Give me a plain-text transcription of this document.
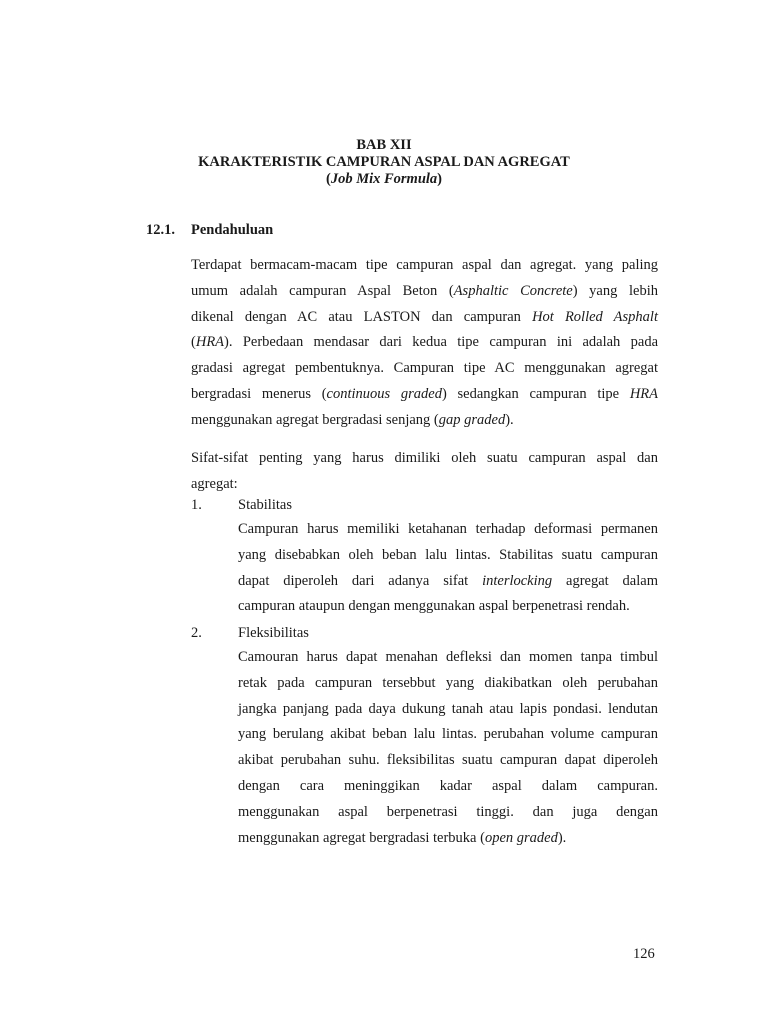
BAB XII
KARAKTERISTIK CAMPURAN ASPAL DAN AGREGAT
(Job Mix Formula)
12.1. Pendahuluan
Terdapat bermacam-macam tipe campuran aspal dan agregat. yang paling
umum adalah campuran Aspal Beton (Asphaltic Concrete) yang lebih
dikenal dengan AC atau LASTON dan campuran Hot Rolled Asphalt
(HRA). Perbedaan mendasar dari kedua tipe campuran ini adalah pada
gradasi agregat pembentuknya. Campuran tipe AC menggunakan agregat
bergradasi menerus (continuous graded) sedangkan campuran tipe HRA
menggunakan agregat bergradasi senjang (gap graded).
Sifat-sifat penting yang harus dimiliki oleh suatu campuran aspal dan
agregat:
1. Stabilitas
Campuran harus memiliki ketahanan terhadap deformasi permanen
yang disebabkan oleh beban lalu lintas. Stabilitas suatu campuran
dapat diperoleh dari adanya sifat interlocking agregat dalam
campuran ataupun dengan menggunakan aspal berpenetrasi rendah.
2. Fleksibilitas
Camouran harus dapat menahan defleksi dan momen tanpa timbul
retak pada campuran tersebbut yang diakibatkan oleh perubahan
jangka panjang pada daya dukung tanah atau lapis pondasi. lendutan
yang berulang akibat beban lalu lintas. perubahan volume campuran
akibat perubahan suhu. fleksibilitas suatu campuran dapat diperoleh
dengan cara meninggikan kadar aspal dalam campuran.
menggunakan aspal berpenetrasi tinggi. dan juga dengan
menggunakan agregat bergradasi terbuka (open graded).
126
